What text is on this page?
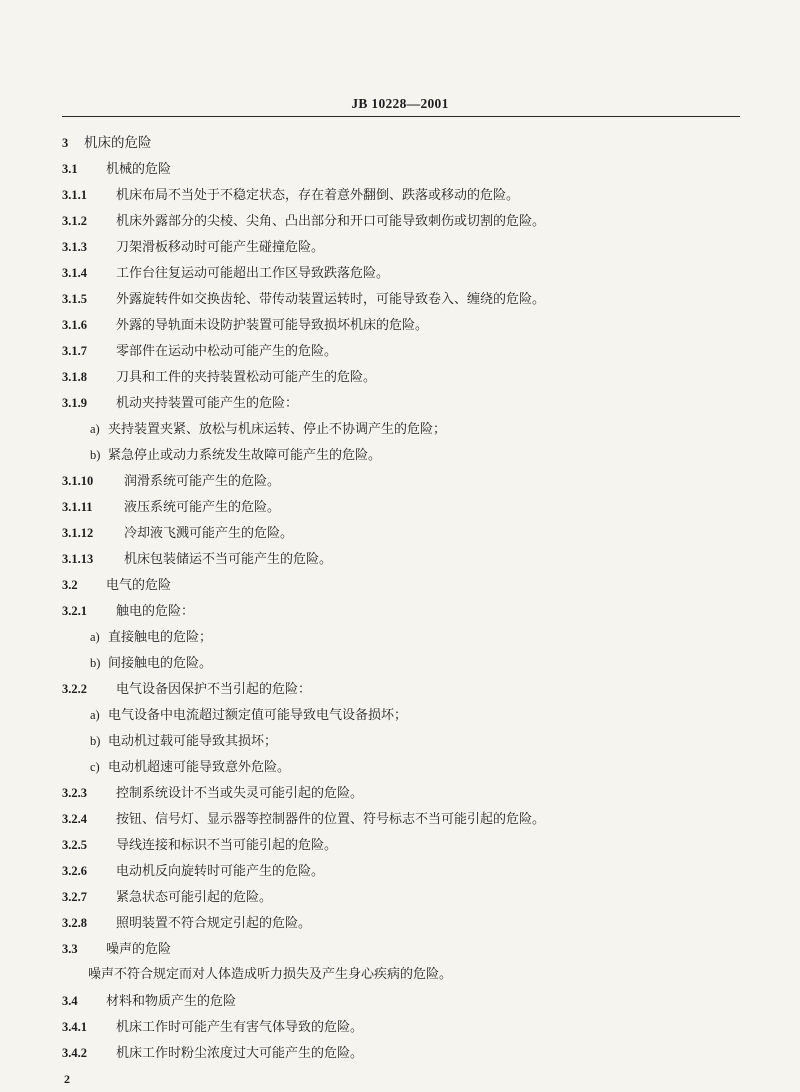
JB 10228—2001
3 机床的危险
3.1 机械的危险
3.1.1 机床布局不当处于不稳定状态，存在着意外翻倒、跌落或移动的危险。
3.1.2 机床外露部分的尖棱、尖角、凸出部分和开口可能导致刺伤或切割的危险。
3.1.3 刀架滑板移动时可能产生碰撞危险。
3.1.4 工作台往复运动可能超出工作区导致跌落危险。
3.1.5 外露旋转件如交换齿轮、带传动装置运转时，可能导致卷入、缠绕的危险。
3.1.6 外露的导轨面未设防护装置可能导致损坏机床的危险。
3.1.7 零部件在运动中松动可能产生的危险。
3.1.8 刀具和工件的夹持装置松动可能产生的危险。
3.1.9 机动夹持装置可能产生的危险：
a) 夹持装置夹紧、放松与机床运转、停止不协调产生的危险；
b) 紧急停止或动力系统发生故障可能产生的危险。
3.1.10 润滑系统可能产生的危险。
3.1.11 液压系统可能产生的危险。
3.1.12 冷却液飞溅可能产生的危险。
3.1.13 机床包装储运不当可能产生的危险。
3.2 电气的危险
3.2.1 触电的危险：
a) 直接触电的危险；
b) 间接触电的危险。
3.2.2 电气设备因保护不当引起的危险：
a) 电气设备中电流超过额定值可能导致电气设备损坏；
b) 电动机过载可能导致其损坏；
c) 电动机超速可能导致意外危险。
3.2.3 控制系统设计不当或失灵可能引起的危险。
3.2.4 按钮、信号灯、显示器等控制器件的位置、符号标志不当可能引起的危险。
3.2.5 导线连接和标识不当可能引起的危险。
3.2.6 电动机反向旋转时可能产生的危险。
3.2.7 紧急状态可能引起的危险。
3.2.8 照明装置不符合规定引起的危险。
3.3 噪声的危险
噪声不符合规定而对人体造成听力损失及产生身心疾病的危险。
3.4 材料和物质产生的危险
3.4.1 机床工作时可能产生有害气体导致的危险。
3.4.2 机床工作时粉尘浓度过大可能产生的危险。
2
